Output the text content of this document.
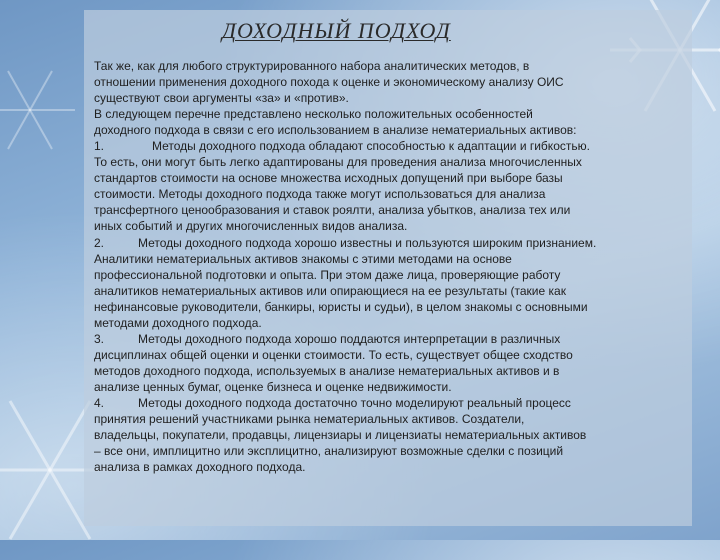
ДОХОДНЫЙ ПОДХОД
Так же, как для любого структурированного набора аналитических методов, в
отношении применения доходного похода к оценке и экономическому анализу ОИС
существуют свои аргументы «за» и «против».
В следующем перечне представлено несколько положительных особенностей
доходного подхода в связи с его использованием в анализе нематериальных активов:
1.	Методы доходного подхода обладают способностью к адаптации и гибкостью.
То есть, они могут быть легко адаптированы для проведения анализа многочисленных
стандартов стоимости на основе множества исходных допущений при выборе базы
стоимости. Методы доходного подхода также могут использоваться для анализа
трансфертного ценообразования и ставок роялти, анализа убытков, анализа тех или
иных событий и других многочисленных видов анализа.
2.	Методы доходного подхода хорошо известны и пользуются широким признанием.
Аналитики нематериальных активов знакомы с этими методами на основе
профессиональной подготовки и опыта. При этом даже лица, проверяющие работу
аналитиков нематериальных активов или опирающиеся на ее результаты (такие как
нефинансовые руководители, банкиры, юристы и судьи), в целом знакомы с основными
методами доходного подхода.
3.	Методы доходного подхода хорошо поддаются интерпретации в различных
дисциплинах общей оценки и оценки стоимости. То есть, существует общее сходство
методов доходного подхода, используемых в анализе нематериальных активов и в
анализе ценных бумаг, оценке бизнеса и оценке недвижимости.
4.	Методы доходного подхода достаточно точно моделируют реальный процесс
принятия решений участниками рынка нематериальных активов. Создатели,
владельцы, покупатели, продавцы, лицензиары и лицензиаты нематериальных активов
– все они, имплицитно или эксплицитно, анализируют возможные сделки с позиций
анализа в рамках доходного подхода.
